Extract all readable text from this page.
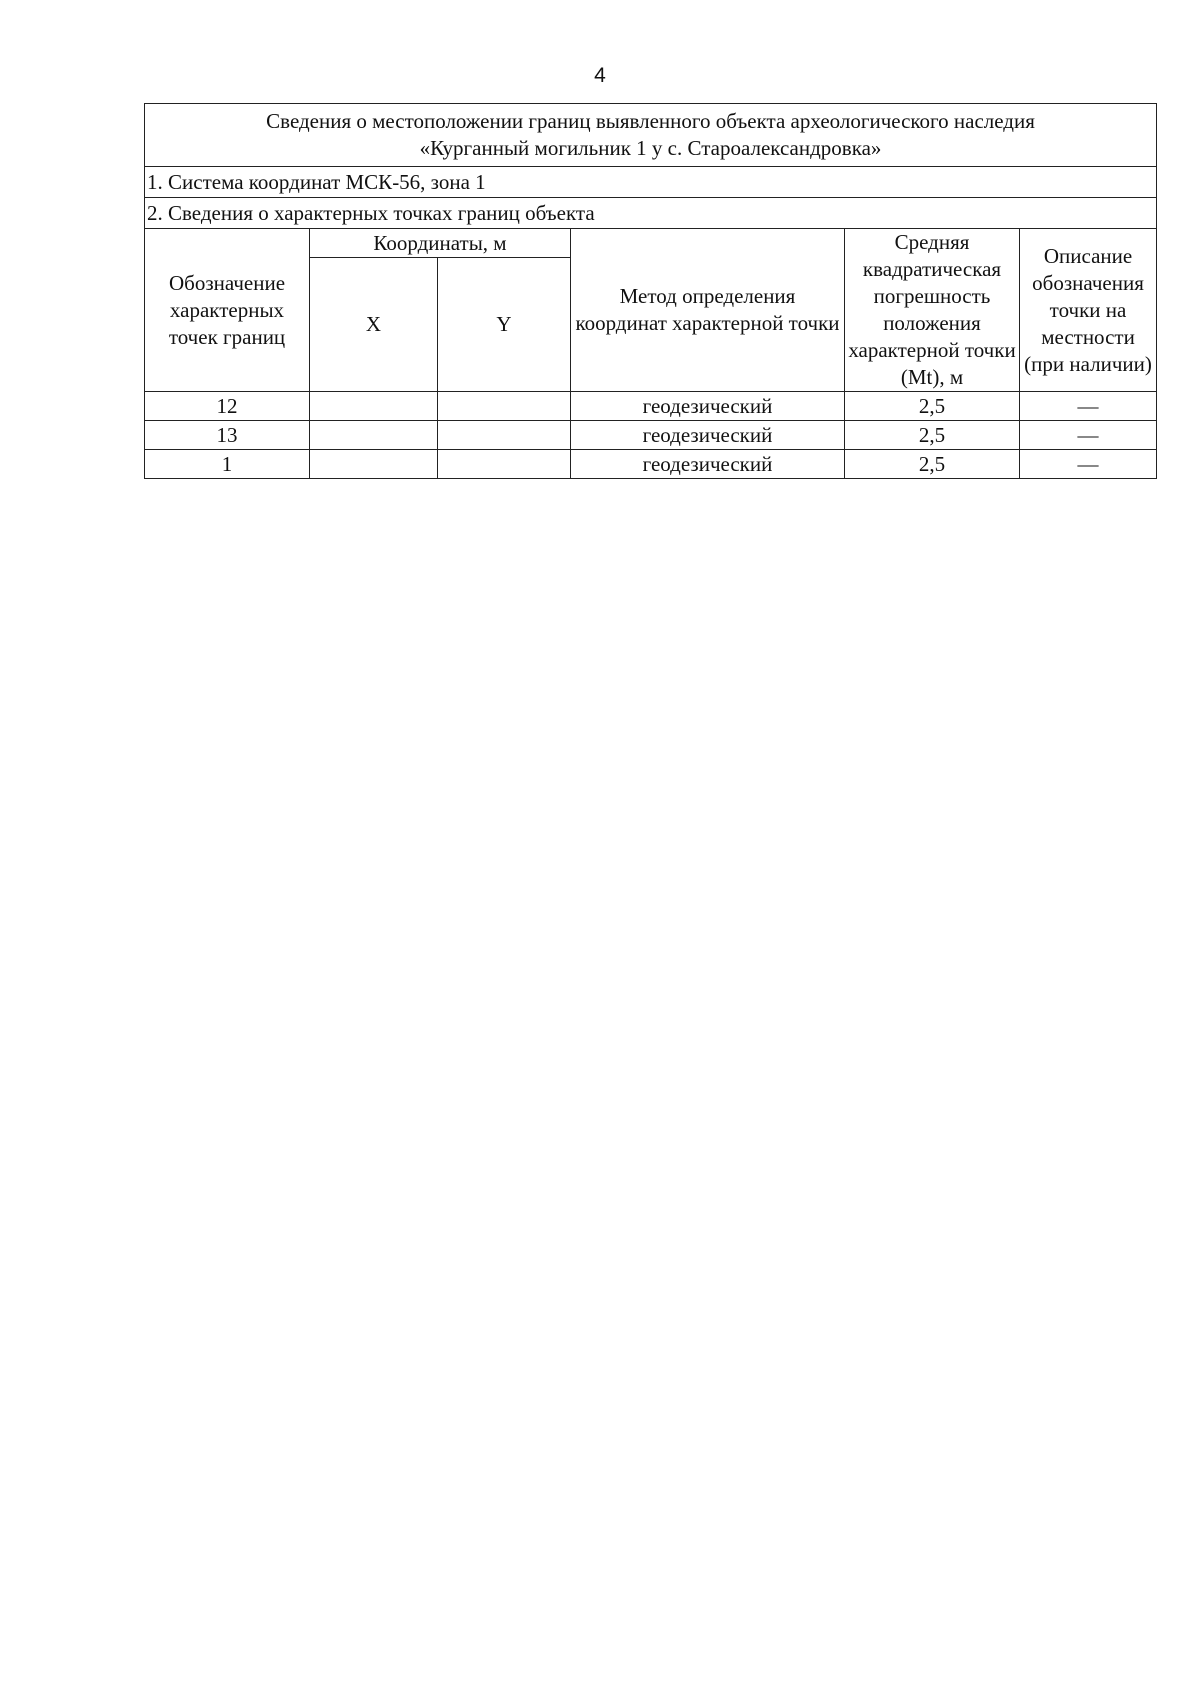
4
Сведения о местоположении границ выявленного объекта археологического наследия
«Курганный могильник 1 у с. Староалександровка»					

1. Система координат МСК-56, зона 1					
2. Сведения о характерных точках границ объекта					
Обозначение характерных точек границ	Координаты, м		Метод определения координат характерной точки	Средняя квадратическая погрешность положения характерной точки (Mt), м	Описание обозначения точки на местности (при наличии)
	X	Y			
12			геодезический	2,5	—
13			геодезический	2,5	—
1			геодезический	2,5	—
